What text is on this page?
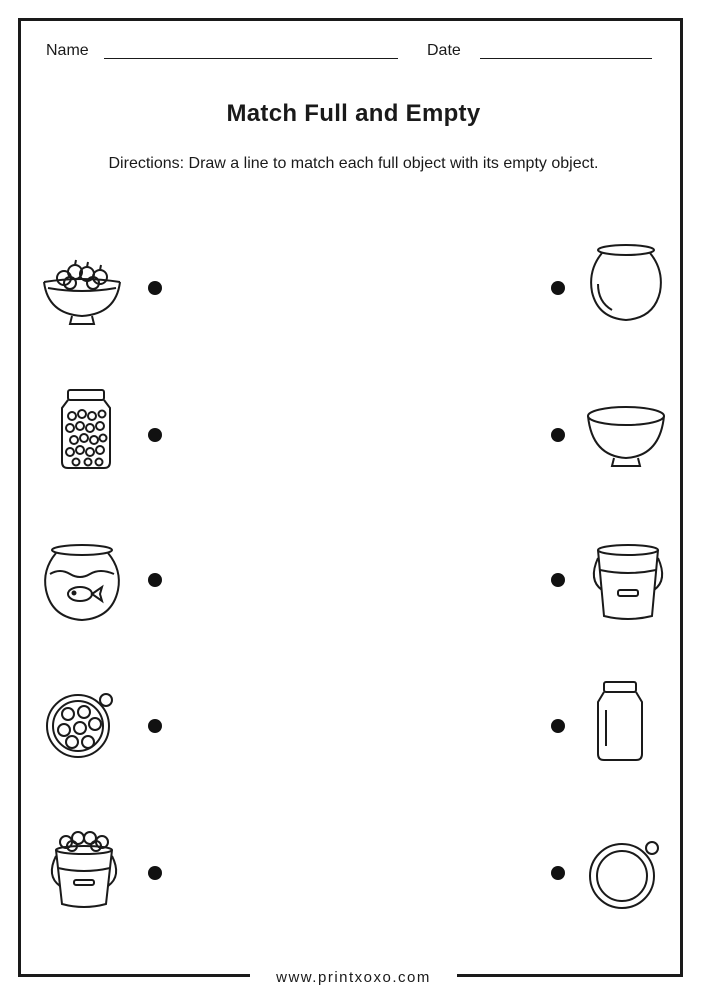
Name	Date
Match Full and Empty
Directions: Draw a line to match each full object with its empty object.
www.printxoxo.com
